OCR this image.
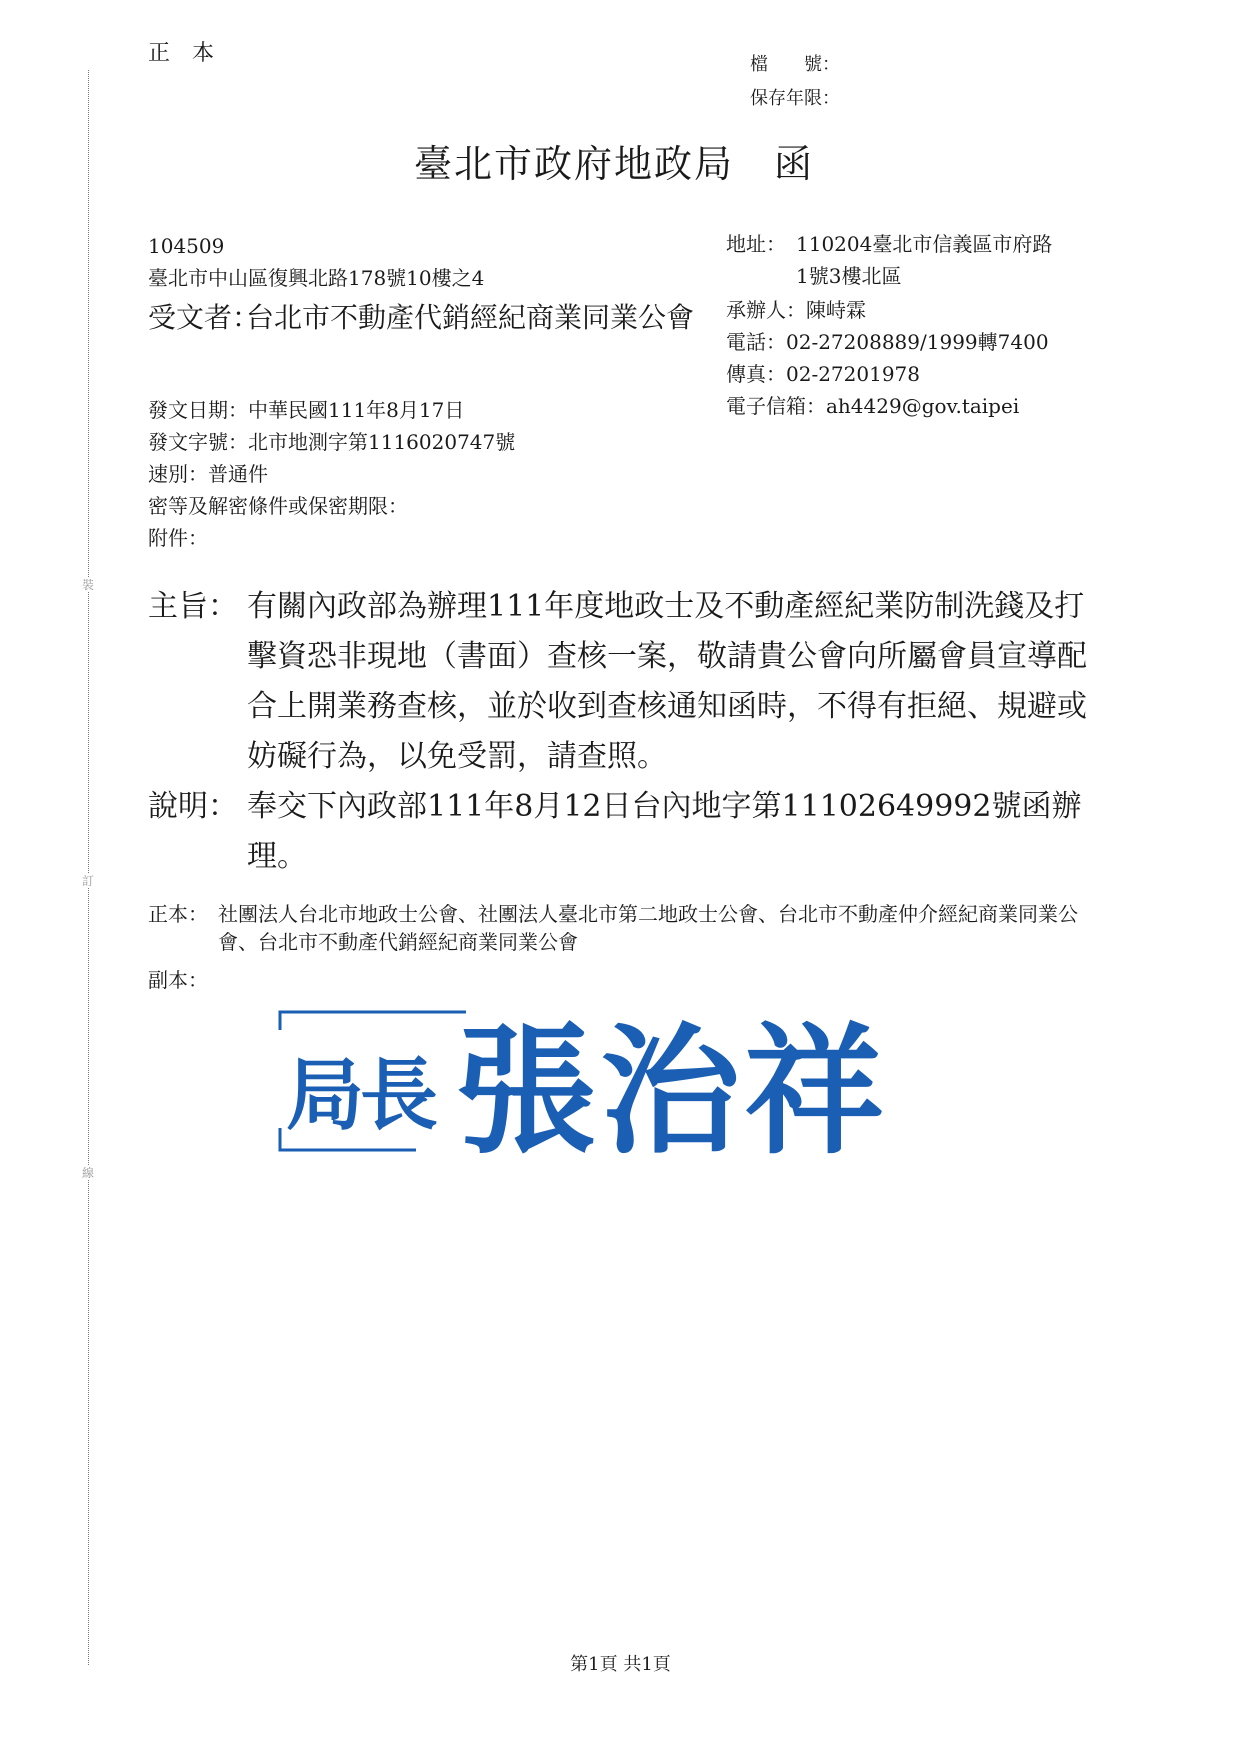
裝
訂
線
正　本	檔　　號：
保存年限：
臺北市政府地政局 函
104509
臺北市中山區復興北路178號10樓之4
受文者：
台北市不動產代銷經紀商業同業公會
地址： 110204臺北市信義區市府路
1號3樓北區
承辦人：陳峙霖
電話：02-27208889/1999轉7400
傳真：02-27201978
電子信箱：ah4429@gov.taipei
發文日期：中華民國111年8月17日
發文字號：北市地測字第1116020747號
速別：普通件
密等及解密條件或保密期限：
附件：
主旨： 有關內政部為辦理111年度地政士及不動產經紀業防制洗錢及打擊資恐非現地（書面）查核一案，敬請貴公會向所屬會員宣導配合上開業務查核，並於收到查核通知函時，不得有拒絕、規避或妨礙行為，以免受罰，請查照。
說明： 奉交下內政部111年8月12日台內地字第11102649992號函辦理。
正本： 社團法人台北市地政士公會、社團法人臺北市第二地政士公會、台北市不動產仲介經紀商業同業公會、台北市不動產代銷經紀商業同業公會
副本：
局長 張治祥
第1頁 共1頁
